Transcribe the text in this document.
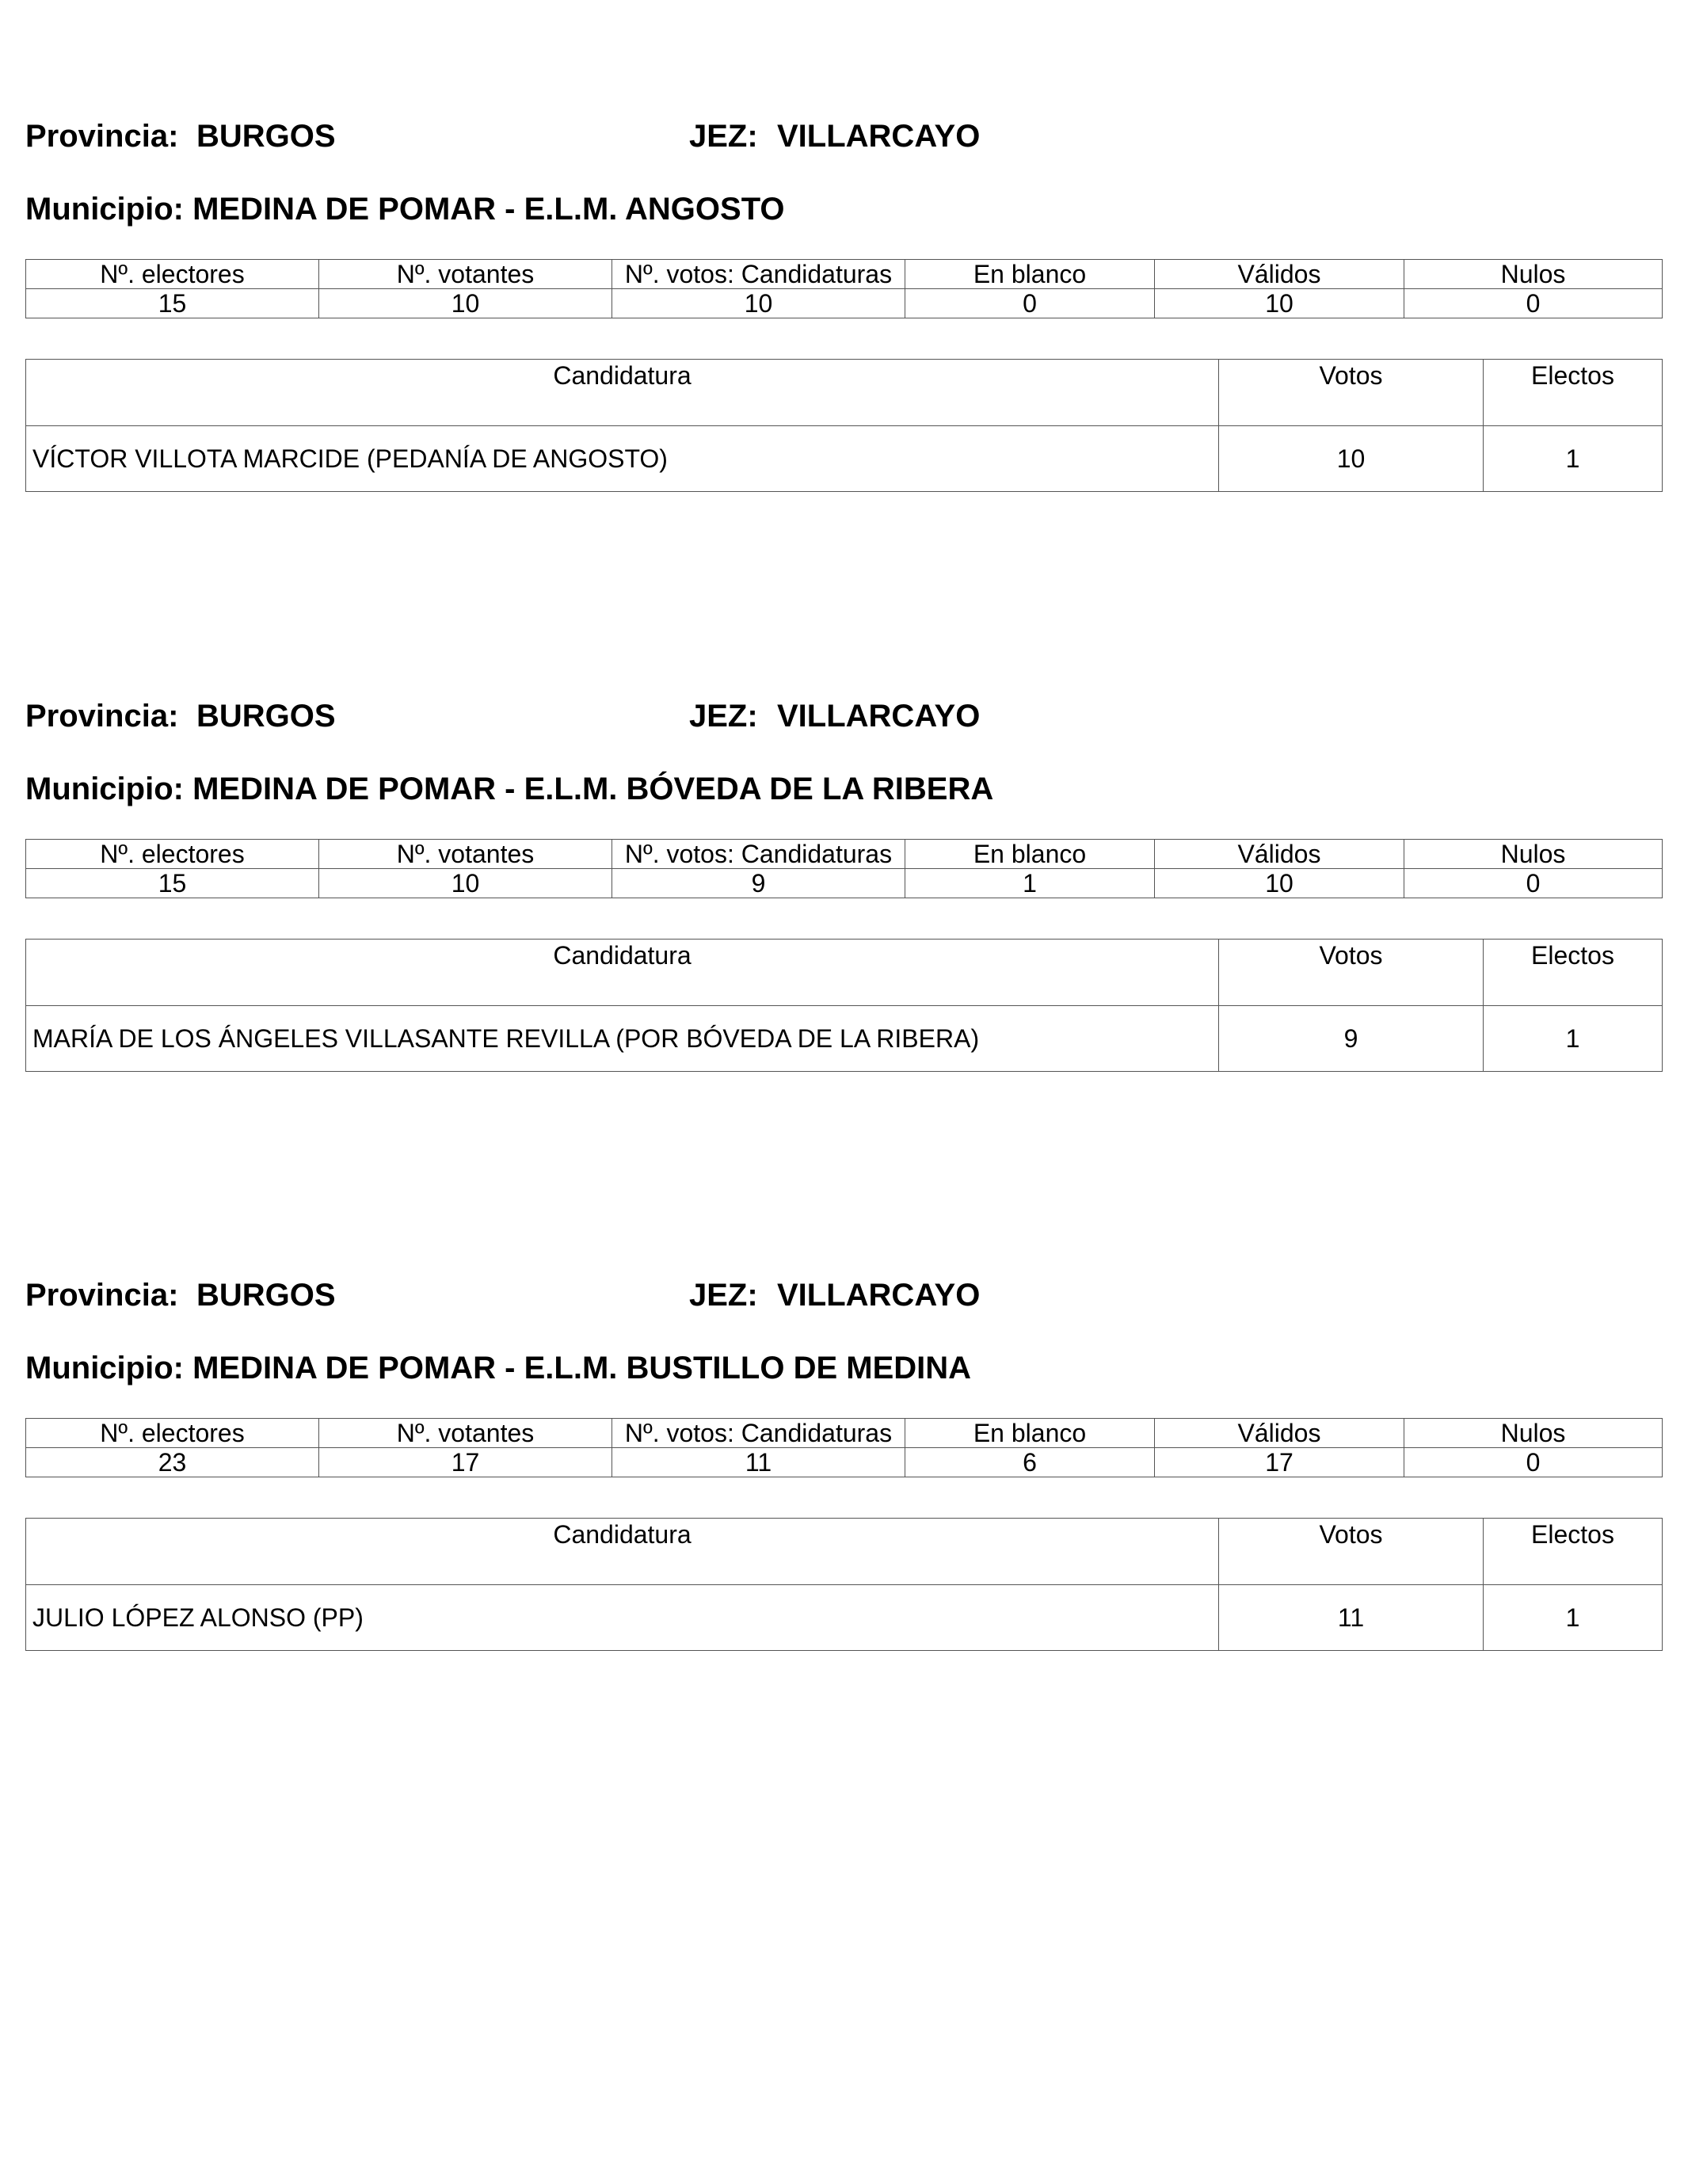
Provincia: BURGOS	JEZ: VILLARCAYO
Municipio: MEDINA DE POMAR - E.L.M. ANGOSTO
Nº. electores	Nº. votantes	Nº. votos: Candidaturas	En blanco	Válidos	Nulos
15	10	10	0	10	0
Candidatura	Votos	Electos
VÍCTOR VILLOTA MARCIDE (PEDANÍA DE ANGOSTO)	10	1
Provincia: BURGOS	JEZ: VILLARCAYO
Municipio: MEDINA DE POMAR - E.L.M. BÓVEDA DE LA RIBERA
Nº. electores	Nº. votantes	Nº. votos: Candidaturas	En blanco	Válidos	Nulos
15	10	9	1	10	0
Candidatura	Votos	Electos
MARÍA DE LOS ÁNGELES VILLASANTE REVILLA (POR BÓVEDA DE LA RIBERA)	9	1
Provincia: BURGOS	JEZ: VILLARCAYO
Municipio: MEDINA DE POMAR - E.L.M. BUSTILLO DE MEDINA
Nº. electores	Nº. votantes	Nº. votos: Candidaturas	En blanco	Válidos	Nulos
23	17	11	6	17	0
Candidatura	Votos	Electos
JULIO LÓPEZ ALONSO (PP)	11	1
